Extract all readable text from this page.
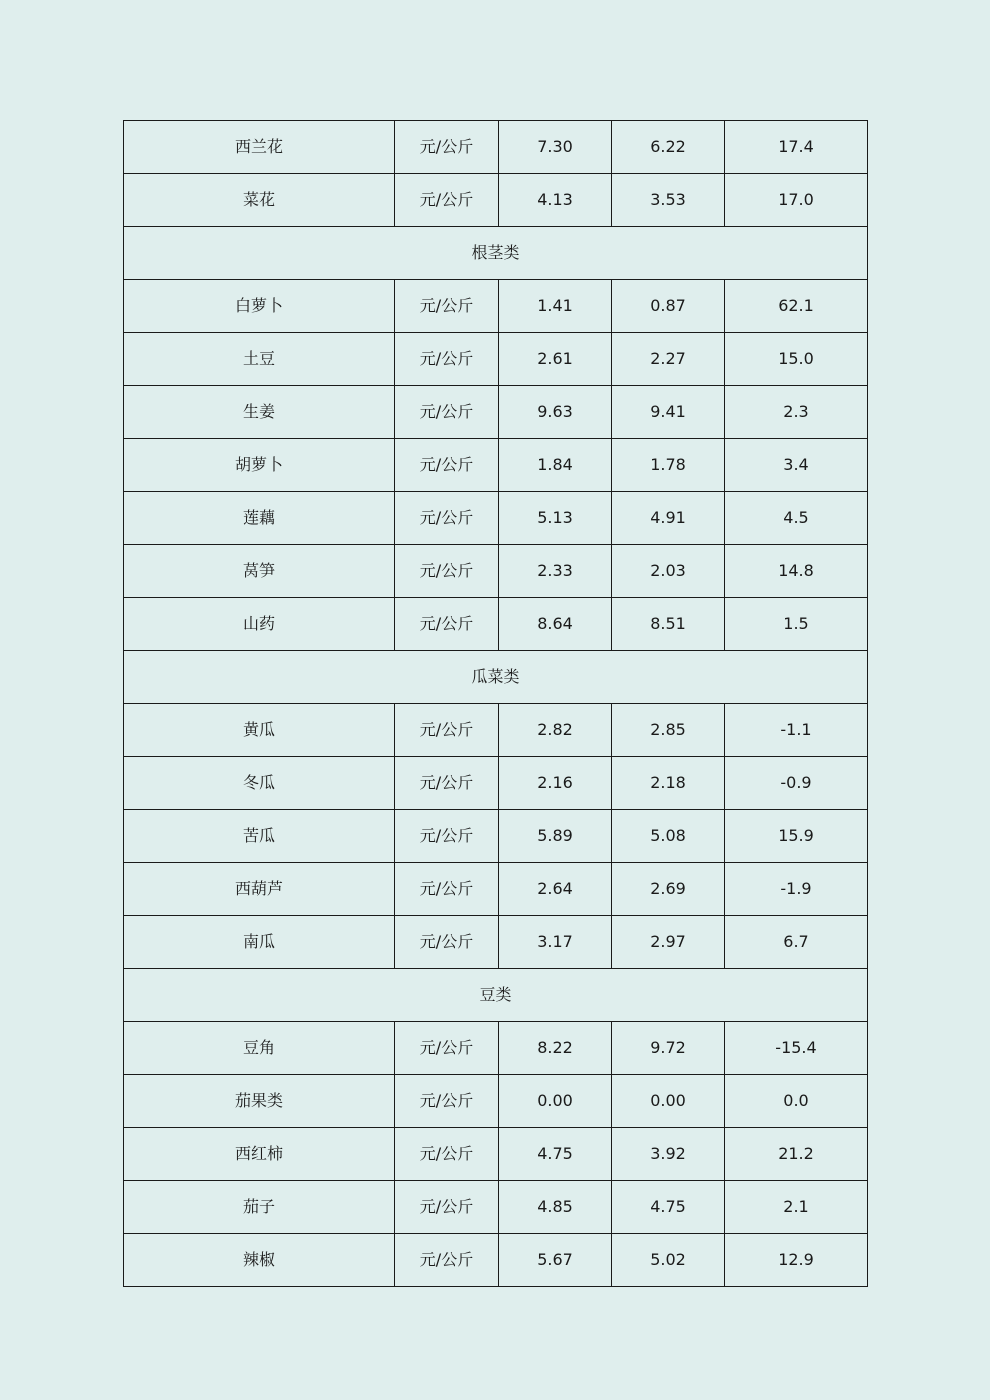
西兰花	元/公斤	7.30	6.22	17.4
菜花	元/公斤	4.13	3.53	17.0
根茎类				
白萝卜	元/公斤	1.41	0.87	62.1
土豆	元/公斤	2.61	2.27	15.0
生姜	元/公斤	9.63	9.41	2.3
胡萝卜	元/公斤	1.84	1.78	3.4
莲藕	元/公斤	5.13	4.91	4.5
莴笋	元/公斤	2.33	2.03	14.8
山药	元/公斤	8.64	8.51	1.5
瓜菜类				
黄瓜	元/公斤	2.82	2.85	-1.1
冬瓜	元/公斤	2.16	2.18	-0.9
苦瓜	元/公斤	5.89	5.08	15.9
西葫芦	元/公斤	2.64	2.69	-1.9
南瓜	元/公斤	3.17	2.97	6.7
豆类				
豆角	元/公斤	8.22	9.72	-15.4
茄果类	元/公斤	0.00	0.00	0.0
西红柿	元/公斤	4.75	3.92	21.2
茄子	元/公斤	4.85	4.75	2.1
辣椒	元/公斤	5.67	5.02	12.9
